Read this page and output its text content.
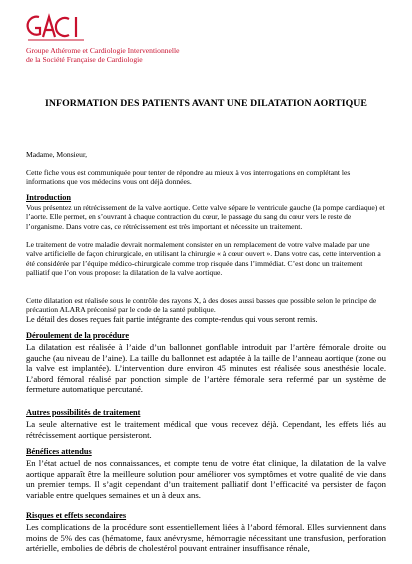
Groupe Athérome et Cardiologie Interventionnelle
de la Société Française de Cardiologie
INFORMATION DES PATIENTS AVANT UNE DILATATION AORTIQUE
Madame, Monsieur,
Cette fiche vous est communiquée pour tenter de répondre au mieux à vos interrogations en complétant les informations que vos médecins vous ont déjà données.
Introduction
Vous présentez un rétrécissement de la valve aortique. Cette valve sépare le ventricule gauche (la pompe cardiaque) et l’aorte. Elle permet, en s’ouvrant à chaque contraction du cœur, le passage du sang du cœur vers le reste de l’organisme. Dans votre cas, ce rétrécissement est très important et nécessite un traitement.
Le traitement de votre maladie devrait normalement consister en un remplacement de votre valve malade par une valve artificielle de façon chirurgicale, en utilisant la chirurgie « à cœur ouvert ». Dans votre cas, cette intervention a été considérée par l’équipe médico-chirurgicale comme trop risquée dans l’immédiat. C’est donc un traitement palliatif que l’on vous propose: la dilatation de la valve aortique.
Cette dilatation est réalisée sous le contrôle des rayons X, à des doses aussi basses que possible selon le principe de précaution ALARA préconisé par le code de la santé publique.
Le détail des doses reçues fait partie intégrante des compte-rendus qui vous seront remis.
Déroulement de la procédure
La dilatation est réalisée à l’aide d’un ballonnet gonflable introduit par l’artère fémorale droite ou gauche (au niveau de l’aine). La taille du ballonnet est adaptée à la taille de l’anneau aortique (zone ou la valve est implantée). L’intervention dure environ 45 minutes est réalisée sous anesthésie locale. L’abord fémoral réalisé par ponction simple de l’artère fémorale sera refermé par un système de fermeture automatique percutané.
Autres possibilités de traitement
La seule alternative est le traitement médical que vous recevez déjà. Cependant, les effets liés au rétrécissement aortique persisteront.
Bénéfices attendus
En l’état actuel de nos connaissances, et compte tenu de votre état clinique, la dilatation de la valve aortique apparaît être la meilleure solution pour améliorer vos symptômes et votre qualité de vie dans un premier temps. Il s’agit cependant d’un traitement palliatif dont l’efficacité va persister de façon variable entre quelques semaines et un à deux ans.
Risques et effets secondaires
Les complications de la procédure sont essentiellement liées à l’abord fémoral. Elles surviennent dans moins de 5% des cas (hématome, faux anévrysme, hémorragie nécessitant une transfusion, perforation artérielle, embolies de débris de cholestérol pouvant entrainer insuffisance rénale,
